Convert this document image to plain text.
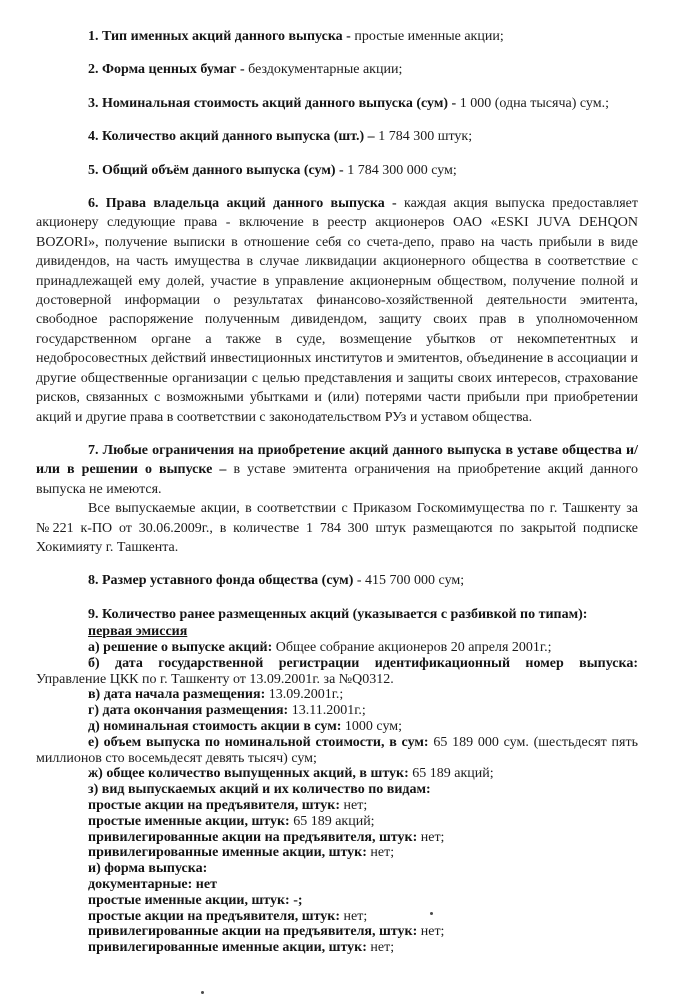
1. Тип именных акций данного выпуска - простые именные акции;

2. Форма ценных бумаг - бездокументарные акции;

3. Номинальная стоимость акций данного выпуска (сум) - 1 000 (одна тысяча) сум.;

4. Количество акций данного выпуска (шт.) – 1 784 300 штук;

5. Общий объём данного выпуска (сум) - 1 784 300 000 сум;

6. Права владельца акций данного выпуска - каждая акция выпуска предоставляет акционеру следующие права - включение в реестр акционеров ОАО «ESKI JUVA DEHQON BOZORI», получение выписки в отношение себя со счета-депо, право на часть прибыли в виде дивидендов, на часть имущества в случае ликвидации акционерного общества в соответствие с принадлежащей ему долей, участие в управление акционерным обществом, получение полной и достоверной информации о результатах финансово-хозяйственной деятельности эмитента, свободное распоряжение полученным дивидендом, защиту своих прав в уполномоченном государственном органе а также в суде, возмещение убытков от некомпетентных и недобросовестных действий инвестиционных институтов и эмитентов, объединение в ассоциации и другие общественные организации с целью представления и защиты своих интересов, страхование рисков, связанных с возможными убытками и (или) потерями части прибыли при приобретении акций и другие права в соответствии с законодательством РУз и уставом общества.

7. Любые ограничения на приобретение акций данного выпуска в уставе общества и/или в решении о выпуске – в уставе эмитента ограничения на приобретение акций данного выпуска не имеются.

Все выпускаемые акции, в соответствии с Приказом Госкомимущества по г. Ташкенту за №221 к-ПО от 30.06.2009г., в количестве 1 784 300 штук размещаются по закрытой подписке Хокимияту г. Ташкента.

8. Размер уставного фонда общества (сум) - 415 700 000 сум;

9. Количество ранее размещенных акций (указывается с разбивкой по типам):

первая эмиссия

а) решение о выпуске акций: Общее собрание акционеров 20 апреля 2001г.;

б) дата государственной регистрации идентификационный номер выпуска: Управление ЦКК по г. Ташкенту от 13.09.2001г. за №Q0312.

в) дата начала размещения: 13.09.2001г.;

г) дата окончания размещения: 13.11.2001г.;

д) номинальная стоимость акции в сум: 1000 сум;

е) объем выпуска по номинальной стоимости, в сум: 65 189 000 сум. (шестьдесят пять миллионов сто восемьдесят девять тысяч) сум;

ж) общее количество выпущенных акций, в штук: 65 189 акций;

з) вид выпускаемых акций и их количество по видам:

простые акции на предъявителя, штук: нет;

простые именные акции, штук: 65 189 акций;

привилегированные акции на предъявителя, штук: нет;

привилегированные именные акции, штук: нет;

и) форма выпуска:

документарные: нет

простые именные акции, штук: -;

простые акции на предъявителя, штук: нет;

привилегированные акции на предъявителя, штук: нет;

привилегированные именные акции, штук: нет;
